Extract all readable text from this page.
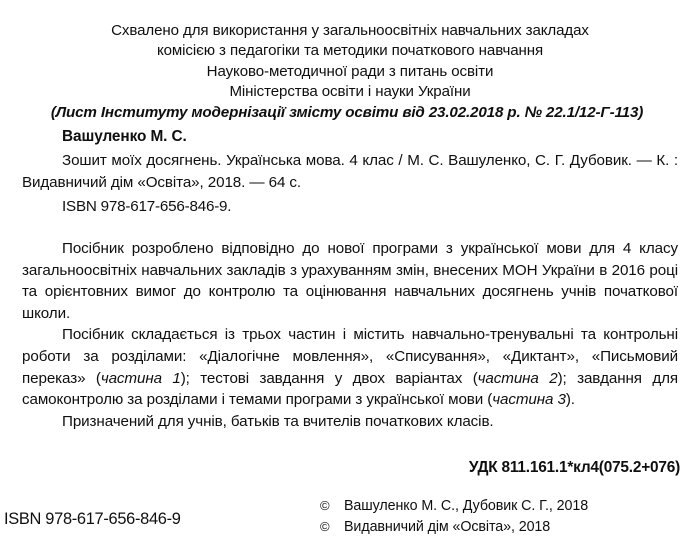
Схвалено для використання у загальноосвітніх навчальних закладах
комісією з педагогіки та методики початкового навчання
Науково-методичної ради з питань освіти
Міністерства освіти і науки України
(Лист Інституту модернізації змісту освіти від 23.02.2018 р. № 22.1/12-Г-113)
Вашуленко М. С.
Зошит моїх досягнень. Українська мова. 4 клас / М. С. Вашуленко, С. Г. Дубовик. — К. : Видавничий дім «Освіта», 2018. — 64 с.
ISBN 978-617-656-846-9.

Посібник розроблено відповідно до нової програми з української мови для 4 класу загальноосвітніх навчальних закладів з урахуванням змін, внесених МОН України в 2016 році та орієнтовних вимог до контролю та оцінювання навчальних досягнень учнів початкової школи.

Посібник складається із трьох частин і містить навчально-тренувальні та контрольні роботи за розділами: «Діалогічне мовлення», «Списування», «Диктант», «Письмовий переказ» (частина 1); тестові завдання у двох варіантах (частина 2); завдання для самоконтролю за розділами і темами програми з української мови (частина 3).

Призначений для учнів, батьків та вчителів початкових класів.

УДК 811.161.1*кл4(075.2+076)
ISBN 978-617-656-846-9
©	Вашуленко М. С., Дубовик С. Г., 2018
©	Видавничий дім «Освіта», 2018
